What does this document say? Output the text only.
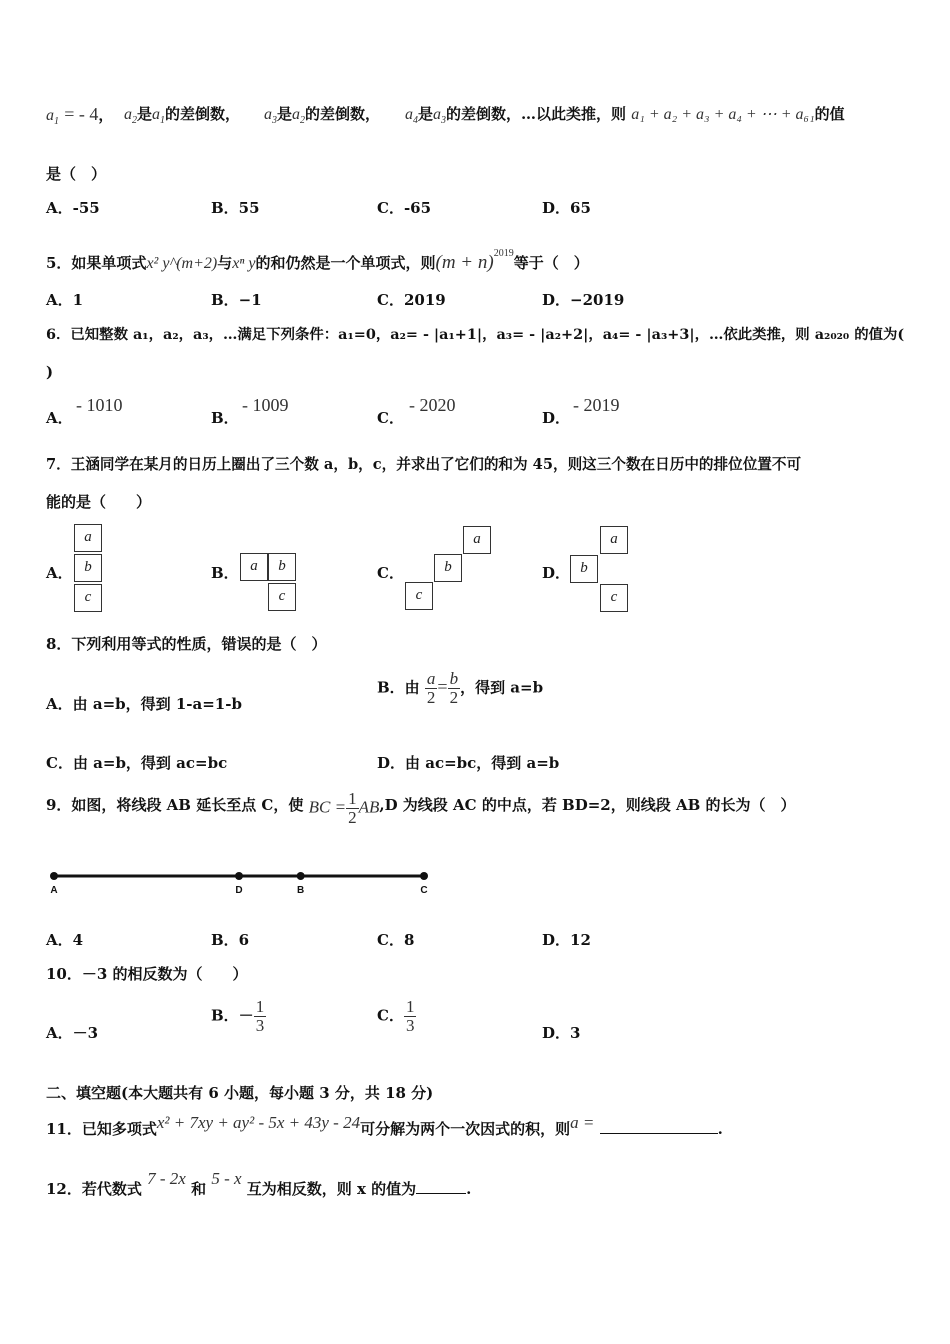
$a_1$ = - 4， $a_2$是$a_1$的差倒数， $a_3$是$a_2$的差倒数， $a_4$是$a_3$的差倒数，…以此类推，则 a₁ + a₂ + a₃ + a₄ + ⋯ + a₆₁的值
是（　）
A．-55	B．55	C．-65	D．65
5．如果单项式x² y^(m+2)与xⁿ y的和仍然是一个单项式，则$(m + n)^{2019}$等于（　）
A．1	B．−1	C．2019	D．−2019
6．已知整数 a₁，a₂，a₃，…满足下列条件：a₁=0，a₂= - |a₁+1|，a₃= - |a₂+2|，a₄= - |a₃+3|，…依此类推，则 a₂₀₂₀ 的值为(
)
A．
- 1010
B．
- 1009
C．
- 2020
D．
- 2019
7．王涵同学在某月的日历上圈出了三个数 a，b，c，并求出了它们的和为 45，则这三个数在日历中的排位位置不可
能的是（　　）
A．
a
b
c
B． a	b
c
C．
a
b
c
D．
a
b
c
8．下列利用等式的性质，错误的是（　）
A．由 a=b，得到 1-a=1-b
B．由 $\frac{a}{2} = \frac{b}{2}$ ，得到 a=b
C．由 a=b，得到 ac=bc	D．由 ac=bc，得到 a=b
9．如图，将线段 AB 延长至点 C，使 BC = $\frac{1}{2} AB,D$ 为线段 AC 的中点，若 BD=2，则线段 AB 的长为（　）
A	D	B	C
A．4	B．6	C．8	D．12
10．－3 的相反数为（　　）
A．－3
B．－ $\frac{1}{3}$	C． $\frac{1}{3}$	D．3
二、填空题(本大题共有 6 小题，每小题 3 分，共 18 分)
11．已知多项式x² + 7xy + ay² - 5x + 43y - 24可分解为两个一次因式的积，则a =	.
12．若代数式 7 - 2x 和 5 - x 互为相反数，则 x 的值为	.
